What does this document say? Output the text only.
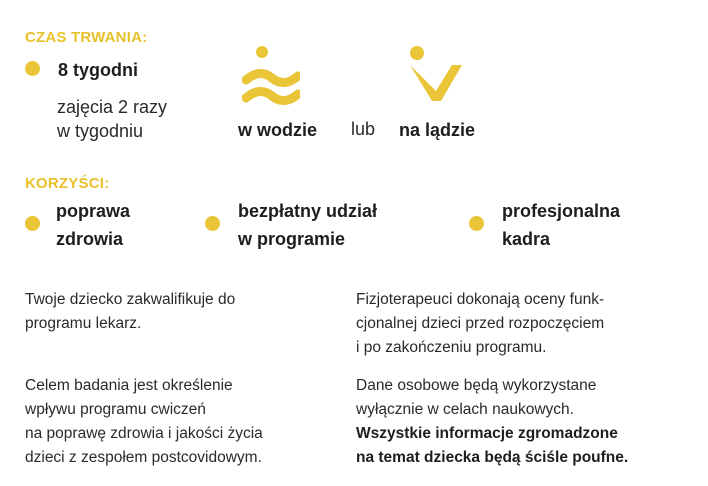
CZAS TRWANIA:
8 tygodni
zajęcia 2 razy
w tygodniu	w wodzie lub na lądzie
KORZYŚCI:
poprawa
zdrowia
bezpłatny udział
w programie
profesjonalna
kadra
Twoje dziecko zakwalifikuje do
programu lekarz.
Celem badania jest określenie
wpływu programu cwiczeń
na poprawę zdrowia i jakości życia
dzieci z zespołem postcovidowym.
Fizjoterapeuci dokonają oceny funk-
cjonalnej dzieci przed rozpoczęciem
i po zakończeniu programu.
Dane osobowe będą wykorzystane
wyłącznie w celach naukowych.
Wszystkie informacje zgromadzone
na temat dziecka będą ściśle poufne.
